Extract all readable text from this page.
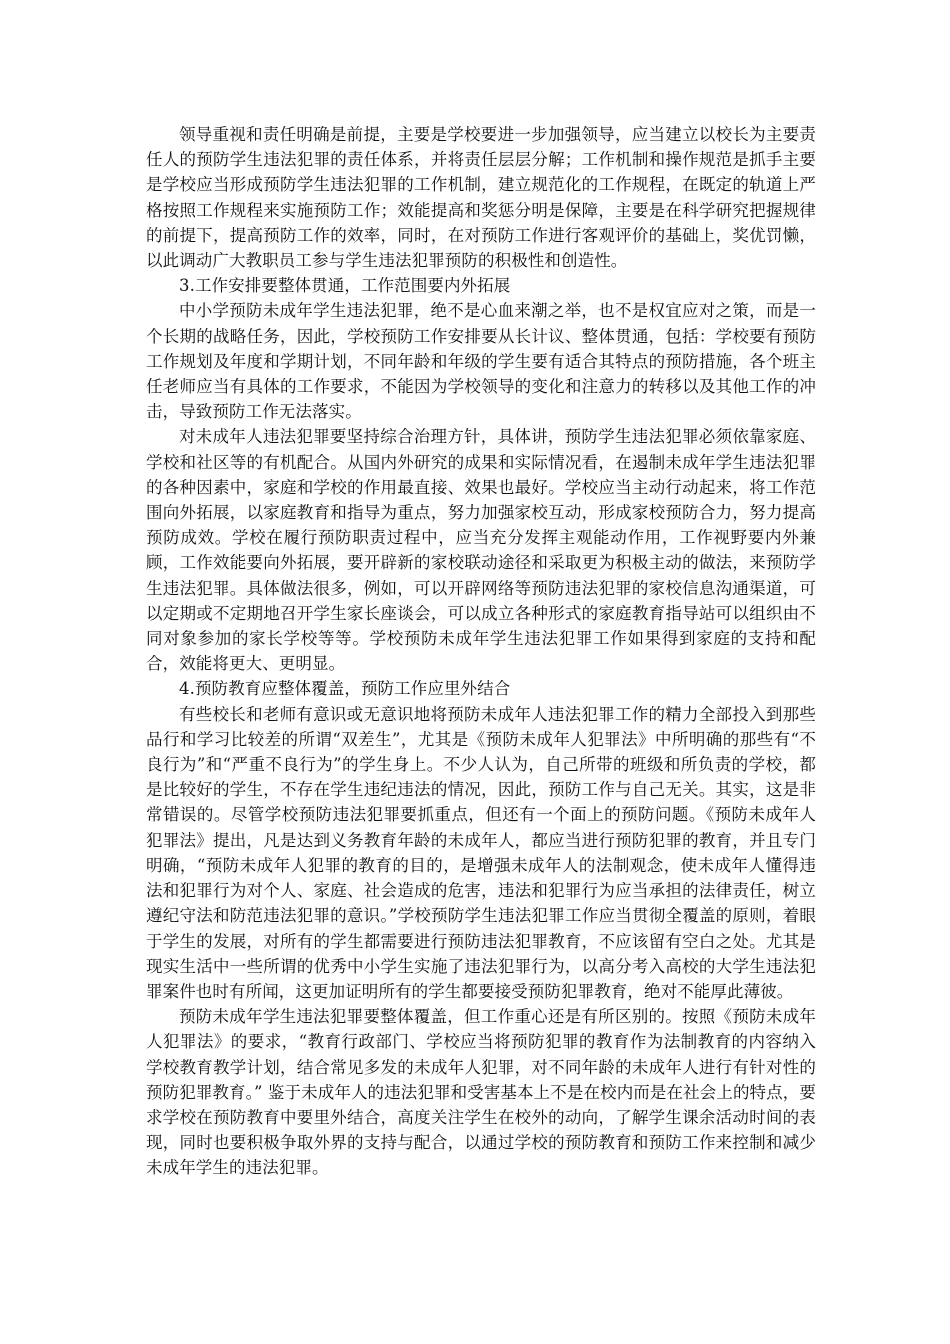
领导重视和责任明确是前提，主要是学校要进一步加强领导，应当建立以校长为主要责任人的预防学生违法犯罪的责任体系，并将责任层层分解；工作机制和操作规范是抓手主要是学校应当形成预防学生违法犯罪的工作机制，建立规范化的工作规程，在既定的轨道上严格按照工作规程来实施预防工作；效能提高和奖惩分明是保障，主要是在科学研究把握规律的前提下，提高预防工作的效率，同时，在对预防工作进行客观评价的基础上，奖优罚懒，以此调动广大教职员工参与学生违法犯罪预防的积极性和创造性。

3.工作安排要整体贯通，工作范围要内外拓展

中小学预防未成年学生违法犯罪，绝不是心血来潮之举，也不是权宜应对之策，而是一个长期的战略任务，因此，学校预防工作安排要从长计议、整体贯通，包括：学校要有预防工作规划及年度和学期计划，不同年龄和年级的学生要有适合其特点的预防措施，各个班主任老师应当有具体的工作要求，不能因为学校领导的变化和注意力的转移以及其他工作的冲击，导致预防工作无法落实。

对未成年人违法犯罪要坚持综合治理方针，具体讲，预防学生违法犯罪必须依靠家庭、学校和社区等的有机配合。从国内外研究的成果和实际情况看，在遏制未成年学生违法犯罪的各种因素中，家庭和学校的作用最直接、效果也最好。学校应当主动行动起来，将工作范围向外拓展，以家庭教育和指导为重点，努力加强家校互动，形成家校预防合力，努力提高预防成效。学校在履行预防职责过程中，应当充分发挥主观能动作用，工作视野要内外兼顾，工作效能要向外拓展，要开辟新的家校联动途径和采取更为积极主动的做法，来预防学生违法犯罪。具体做法很多，例如，可以开辟网络等预防违法犯罪的家校信息沟通渠道，可以定期或不定期地召开学生家长座谈会，可以成立各种形式的家庭教育指导站可以组织由不同对象参加的家长学校等等。学校预防未成年学生违法犯罪工作如果得到家庭的支持和配合，效能将更大、更明显。

4.预防教育应整体覆盖，预防工作应里外结合

有些校长和老师有意识或无意识地将预防未成年人违法犯罪工作的精力全部投入到那些品行和学习比较差的所谓“双差生”，尤其是《预防未成年人犯罪法》中所明确的那些有“不良行为”和“严重不良行为”的学生身上。不少人认为，自己所带的班级和所负责的学校，都是比较好的学生，不存在学生违纪违法的情况，因此，预防工作与自己无关。其实，这是非常错误的。尽管学校预防违法犯罪要抓重点，但还有一个面上的预防问题。《预防未成年人犯罪法》提出，凡是达到义务教育年龄的未成年人，都应当进行预防犯罪的教育，并且专门明确，“预防未成年人犯罪的教育的目的，是增强未成年人的法制观念，使未成年人懂得违法和犯罪行为对个人、家庭、社会造成的危害，违法和犯罪行为应当承担的法律责任，树立遵纪守法和防范违法犯罪的意识。”学校预防学生违法犯罪工作应当贯彻全覆盖的原则，着眼于学生的发展，对所有的学生都需要进行预防违法犯罪教育，不应该留有空白之处。尤其是现实生活中一些所谓的优秀中小学生实施了违法犯罪行为，以高分考入高校的大学生违法犯罪案件也时有所闻，这更加证明所有的学生都要接受预防犯罪教育，绝对不能厚此薄彼。

预防未成年学生违法犯罪要整体覆盖，但工作重心还是有所区别的。按照《预防未成年人犯罪法》的要求，“教育行政部门、学校应当将预防犯罪的教育作为法制教育的内容纳入学校教育教学计划，结合常见多发的未成年人犯罪，对不同年龄的未成年人进行有针对性的预防犯罪教育。” 鉴于未成年人的违法犯罪和受害基本上不是在校内而是在社会上的特点，要求学校在预防教育中要里外结合，高度关注学生在校外的动向，了解学生课余活动时间的表现，同时也要积极争取外界的支持与配合，以通过学校的预防教育和预防工作来控制和减少未成年学生的违法犯罪。
